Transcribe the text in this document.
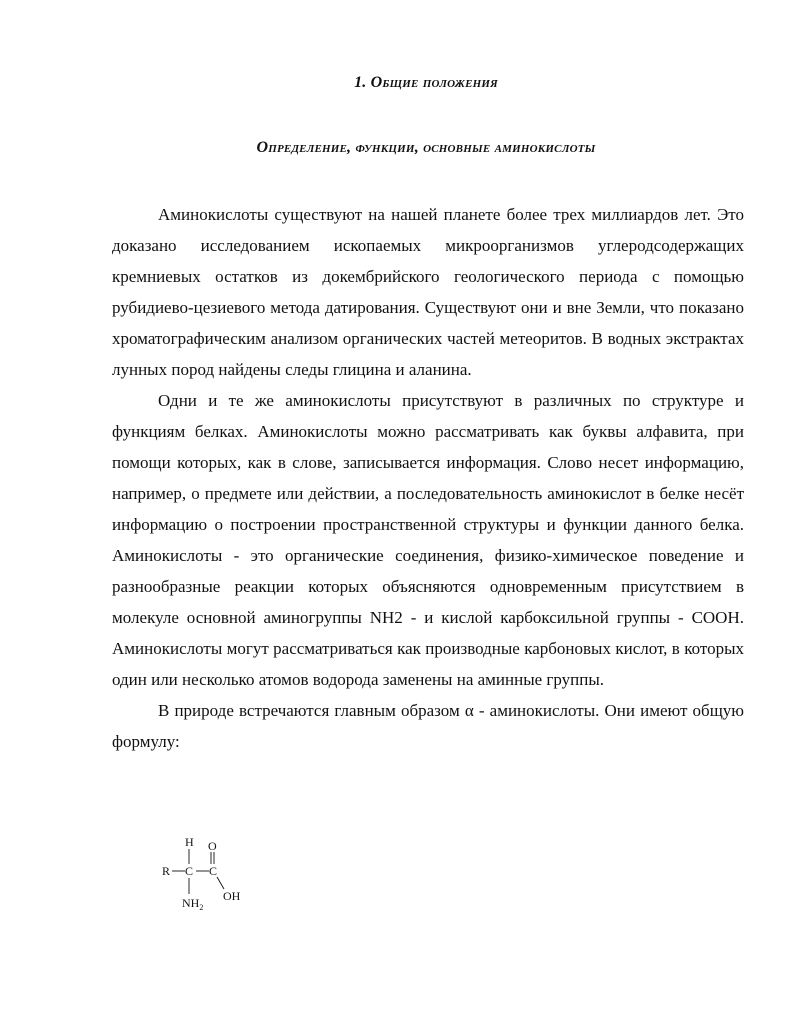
1. Общие положения
Определение, функции, основные аминокислоты

Аминокислоты существуют на нашей планете более трех миллиардов лет. Это доказано исследованием ископаемых микроорганизмов углеродсодержащих кремниевых остатков из докембрийского геологического периода с помощью рубидиево-цезиевого метода датирования. Существуют они и вне Земли, что показано хроматографическим анализом органических частей метеоритов. В водных экстрактах лунных пород найдены следы глицина и аланина.

Одни и те же аминокислоты присутствуют в различных по структуре и функциям белках. Аминокислоты можно рассматривать как буквы алфавита, при помощи которых, как в слове, записывается информация. Слово несет информацию, например, о предмете или действии, а последовательность аминокислот в белке несёт информацию о построении пространственной структуры и функции данного белка. Аминокислоты - это органические соединения, физико-химическое поведение и разнообразные реакции которых объясняются одновременным присутствием в молекуле основной аминогруппы NH2 - и кислой карбоксильной группы - COOH. Аминокислоты могут рассматриваться как производные карбоновых кислот, в которых один или несколько атомов водорода заменены на аминные группы.

В природе встречаются главным образом α - аминокислоты. Они имеют общую формулу:

R C
H
C
O
OH
$NH_2$
